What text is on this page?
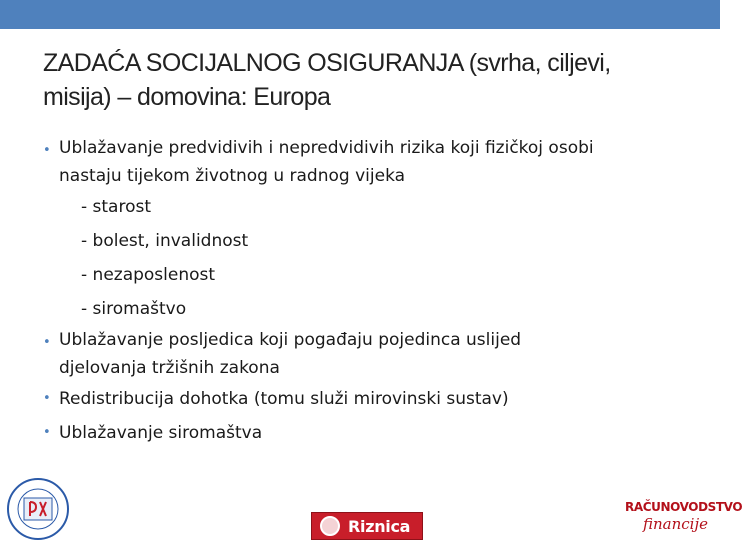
ZADAĆA SOCIJALNOG OSIGURANJA (svrha, ciljevi,
misija) – domovina: Europa
• Ublažavanje predvidivih i nepredvidivih rizika koji fizičkoj osobi
nastaju tijekom životnog u radnog vijeka
- starost
- bolest, invalidnost
- nezaposlenost
- siromaštvo
• Ublažavanje posljedica koji pogađaju pojedinca uslijed
djelovanja tržišnih zakona
• Redistribucija dohotka (tomu služi mirovinski sustav)
• Ublažavanje siromaštva
Riznica
RAČUNOVODSTVO
financije
